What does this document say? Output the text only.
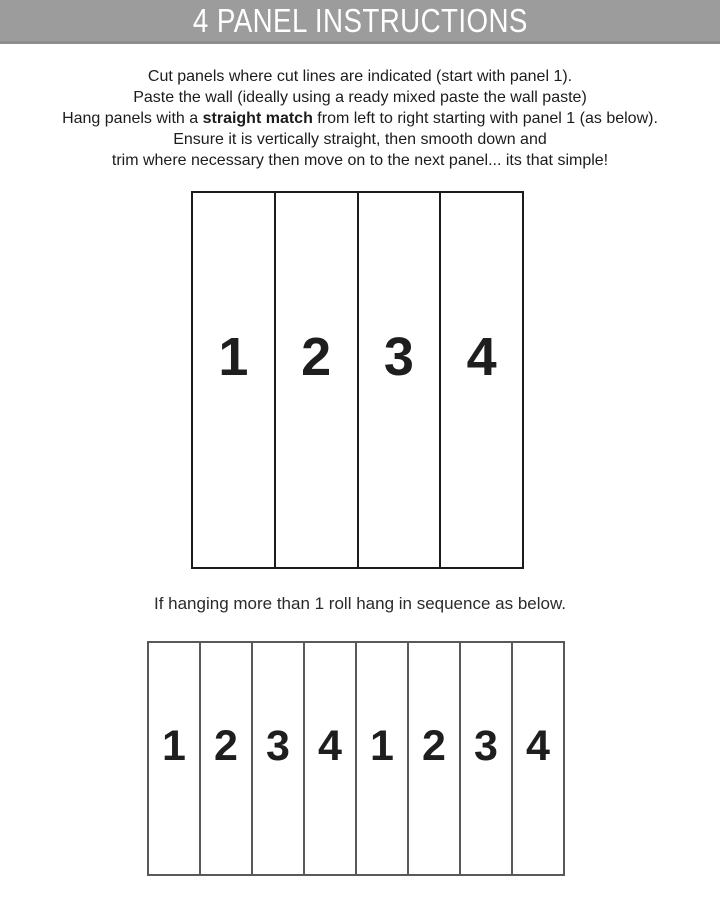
4 PANEL INSTRUCTIONS
Cut panels where cut lines are indicated (start with panel 1).
Paste the wall (ideally using a ready mixed paste the wall paste)
Hang panels with a straight match from left to right starting with panel 1 (as below).
Ensure it is vertically straight, then smooth down and
trim where necessary then move on to the next panel... its that simple!
1 2 3 4
If hanging more than 1 roll hang in sequence as below.
1 2 3 4 1 2 3 4
